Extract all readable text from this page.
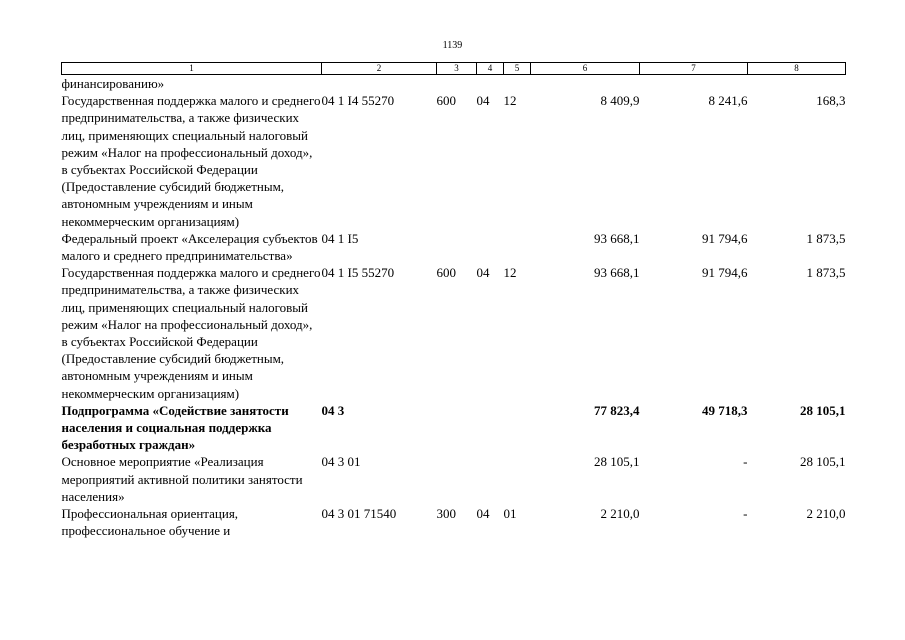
1139
1	2	3	4	5	6	7	8
финансированию»							
Государственная поддержка малого и среднего предпринимательства, а также физических лиц, применяющих специальный налоговый режим «Налог на профессиональный доход», в субъектах Российской Федерации (Предоставление субсидий бюджетным, автономным учреждениям и иным некоммерческим организациям)	04 1 I4 55270	600	04	12	8 409,9	8 241,6	168,3
Федеральный проект «Акселерация субъектов малого и среднего предпринимательства»	04 1 I5				93 668,1	91 794,6	1 873,5
Государственная поддержка малого и среднего предпринимательства, а также физических лиц, применяющих специальный налоговый режим «Налог на профессиональный доход», в субъектах Российской Федерации (Предоставление субсидий бюджетным, автономным учреждениям и иным некоммерческим организациям)	04 1 I5 55270	600	04	12	93 668,1	91 794,6	1 873,5
Подпрограмма «Содействие занятости населения и социальная поддержка безработных граждан»	04 3				77 823,4	49 718,3	28 105,1
Основное мероприятие «Реализация мероприятий активной политики занятости населения»	04 3 01				28 105,1	-	28 105,1
Профессиональная ориентация, профессиональное обучение и	04 3 01 71540	300	04	01	2 210,0	-	2 210,0
